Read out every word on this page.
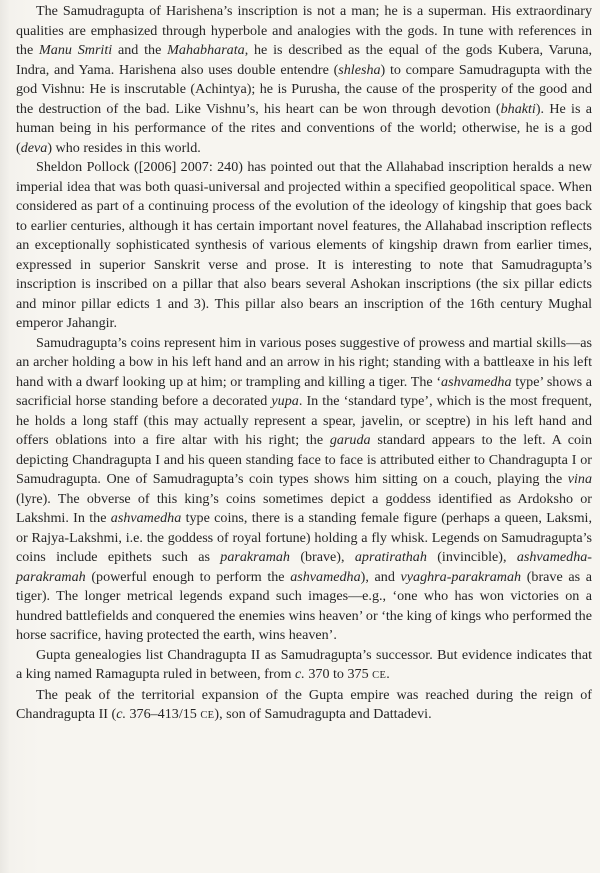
The Samudragupta of Harishena’s inscription is not a man; he is a superman. His extraordinary qualities are emphasized through hyperbole and analogies with the gods. In tune with references in the Manu Smriti and the Mahabharata, he is described as the equal of the gods Kubera, Varuna, Indra, and Yama. Harishena also uses double entendre (shlesha) to compare Samudragupta with the god Vishnu: He is inscrutable (Achintya); he is Purusha, the cause of the prosperity of the good and the destruction of the bad. Like Vishnu’s, his heart can be won through devotion (bhakti). He is a human being in his performance of the rites and conventions of the world; otherwise, he is a god (deva) who resides in this world.

Sheldon Pollock ([2006] 2007: 240) has pointed out that the Allahabad inscription heralds a new imperial idea that was both quasi-universal and projected within a specified geopolitical space. When considered as part of a continuing process of the evolution of the ideology of kingship that goes back to earlier centuries, although it has certain important novel features, the Allahabad inscription reflects an exceptionally sophisticated synthesis of various elements of kingship drawn from earlier times, expressed in superior Sanskrit verse and prose. It is interesting to note that Samudragupta’s inscription is inscribed on a pillar that also bears several Ashokan inscriptions (the six pillar edicts and minor pillar edicts 1 and 3). This pillar also bears an inscription of the 16th century Mughal emperor Jahangir.

Samudragupta’s coins represent him in various poses suggestive of prowess and martial skills—as an archer holding a bow in his left hand and an arrow in his right; standing with a battleaxe in his left hand with a dwarf looking up at him; or trampling and killing a tiger. The ‘ashvamedha type’ shows a sacrificial horse standing before a decorated yupa. In the ‘standard type’, which is the most frequent, he holds a long staff (this may actually represent a spear, javelin, or sceptre) in his left hand and offers oblations into a fire altar with his right; the garuda standard appears to the left. A coin depicting Chandragupta I and his queen standing face to face is attributed either to Chandragupta I or Samudragupta. One of Samudragupta’s coin types shows him sitting on a couch, playing the vina (lyre). The obverse of this king’s coins sometimes depict a goddess identified as Ardoksho or Lakshmi. In the ashvamedha type coins, there is a standing female figure (perhaps a queen, Laksmi, or Rajya-Lakshmi, i.e. the goddess of royal fortune) holding a fly whisk. Legends on Samudragupta’s coins include epithets such as parakramah (brave), apratirathah (invincible), ashvamedha-parakramah (powerful enough to perform the ashvamedha), and vyaghra-parakramah (brave as a tiger). The longer metrical legends expand such images—e.g., ‘one who has won victories on a hundred battlefields and conquered the enemies wins heaven’ or ‘the king of kings who performed the horse sacrifice, having protected the earth, wins heaven’.

Gupta genealogies list Chandragupta II as Samudragupta’s successor. But evidence indicates that a king named Ramagupta ruled in between, from c. 370 to 375 CE.

The peak of the territorial expansion of the Gupta empire was reached during the reign of Chandragupta II (c. 376–413/15 CE), son of Samudragupta and Dattadevi.
